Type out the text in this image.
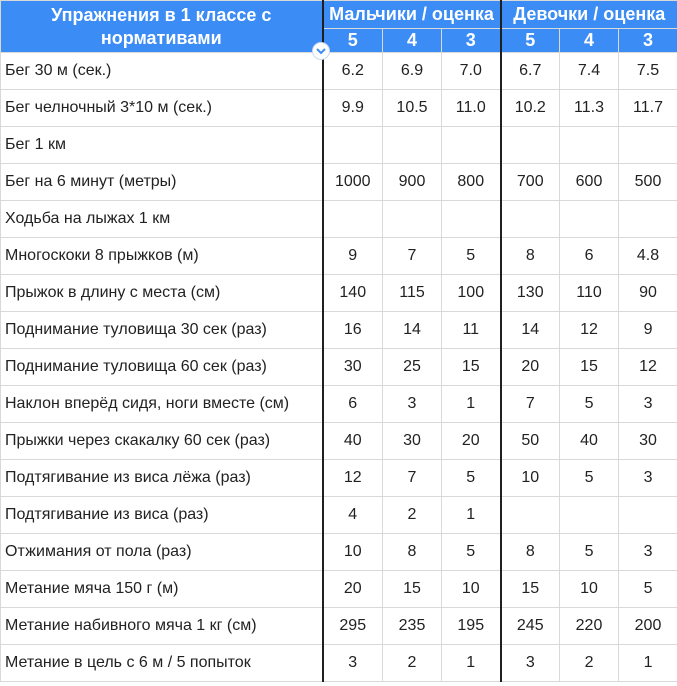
Упражнения в 1 классе с нормативами	Мальчики / оценка			Девочки / оценка		
	5	4	3	5	4	3
Бег 30 м (сек.)	6.2	6.9	7.0	6.7	7.4	7.5
Бег челночный 3*10 м (сек.)	9.9	10.5	11.0	10.2	11.3	11.7
Бег 1 км						
Бег на 6 минут (метры)	1000	900	800	700	600	500
Ходьба на лыжах 1 км						
Многоскоки 8 прыжков (м)	9	7	5	8	6	4.8
Прыжок в длину с места (см)	140	115	100	130	110	90
Поднимание туловища 30 сек (раз)	16	14	11	14	12	9
Поднимание туловища 60 сек (раз)	30	25	15	20	15	12
Наклон вперёд сидя, ноги вместе (см)	6	3	1	7	5	3
Прыжки через скакалку 60 сек (раз)	40	30	20	50	40	30
Подтягивание из виса лёжа (раз)	12	7	5	10	5	3
Подтягивание из виса (раз)	4	2	1			
Отжимания от пола (раз)	10	8	5	8	5	3
Метание мяча 150 г (м)	20	15	10	15	10	5
Метание набивного мяча 1 кг (см)	295	235	195	245	220	200
Метание в цель с 6 м / 5 попыток	3	2	1	3	2	1
